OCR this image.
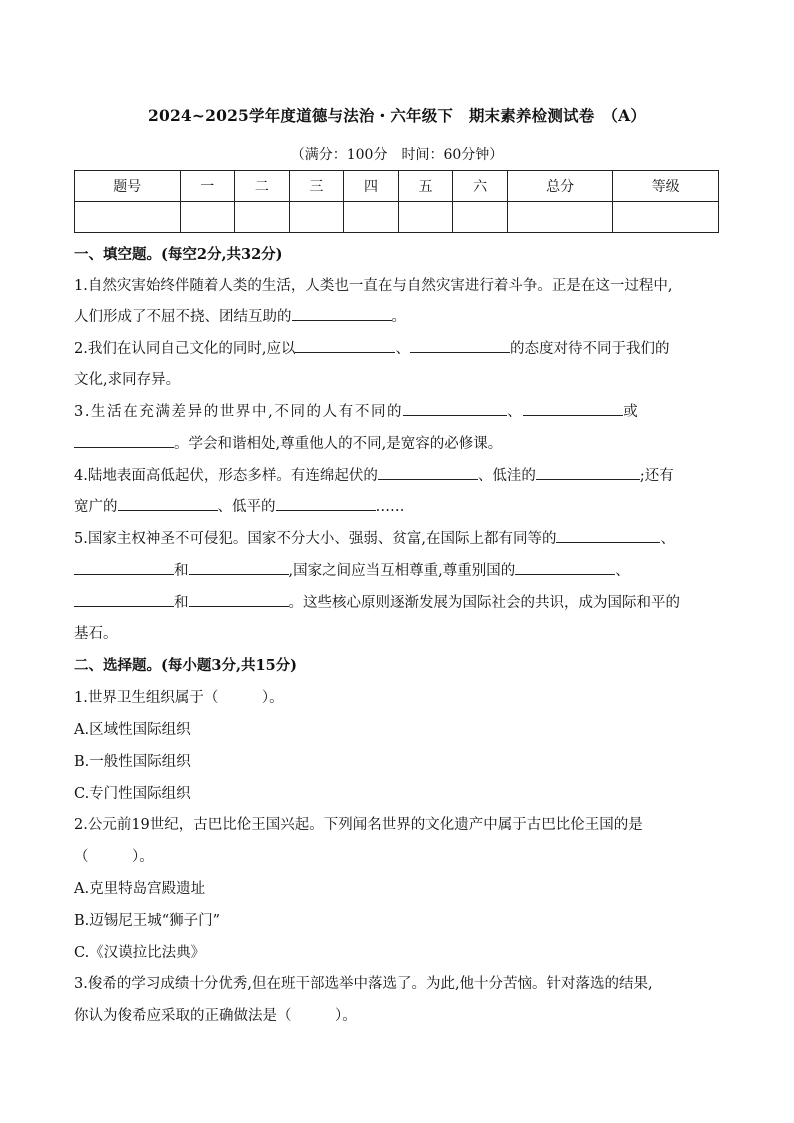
2024~2025学年度道德与法治・六年级下　期末素养检测试卷　（A）
（满分：100分　时间：60分钟）
题号	一	二	三	四	五	六	总分	等级

一、填空题。(每空2分,共32分)
1.自然灾害始终伴随着人类的生活，人类也一直在与自然灾害进行着斗争。正是在这一过程中,
人们形成了不屈不挠、团结互助的	。
2.我们在认同自己文化的同时,应以	、	的态度对待不同于我们的
文化,求同存异。
3.生活在充满差异的世界中,不同的人有不同的	、	或
。学会和谐相处,尊重他人的不同,是宽容的必修课。
4.陆地表面高低起伏，形态多样。有连绵起伏的	、低洼的	;还有
宽广的	、低平的	……
5.国家主权神圣不可侵犯。国家不分大小、强弱、贫富,在国际上都有同等的	、
和	,国家之间应当互相尊重,尊重别国的	、
和	。这些核心原则逐渐发展为国际社会的共识，成为国际和平的
基石。
二、选择题。(每小题3分,共15分)
1.世界卫生组织属于（　　　）。
A.区域性国际组织
B.一般性国际组织
C.专门性国际组织
2.公元前19世纪，古巴比伦王国兴起。下列闻名世界的文化遗产中属于古巴比伦王国的是
（　　　）。
A.克里特岛宫殿遗址
B.迈锡尼王城“狮子门”
C.《汉谟拉比法典》
3.俊希的学习成绩十分优秀,但在班干部选举中落选了。为此,他十分苦恼。针对落选的结果,
你认为俊希应采取的正确做法是（　　　）。
